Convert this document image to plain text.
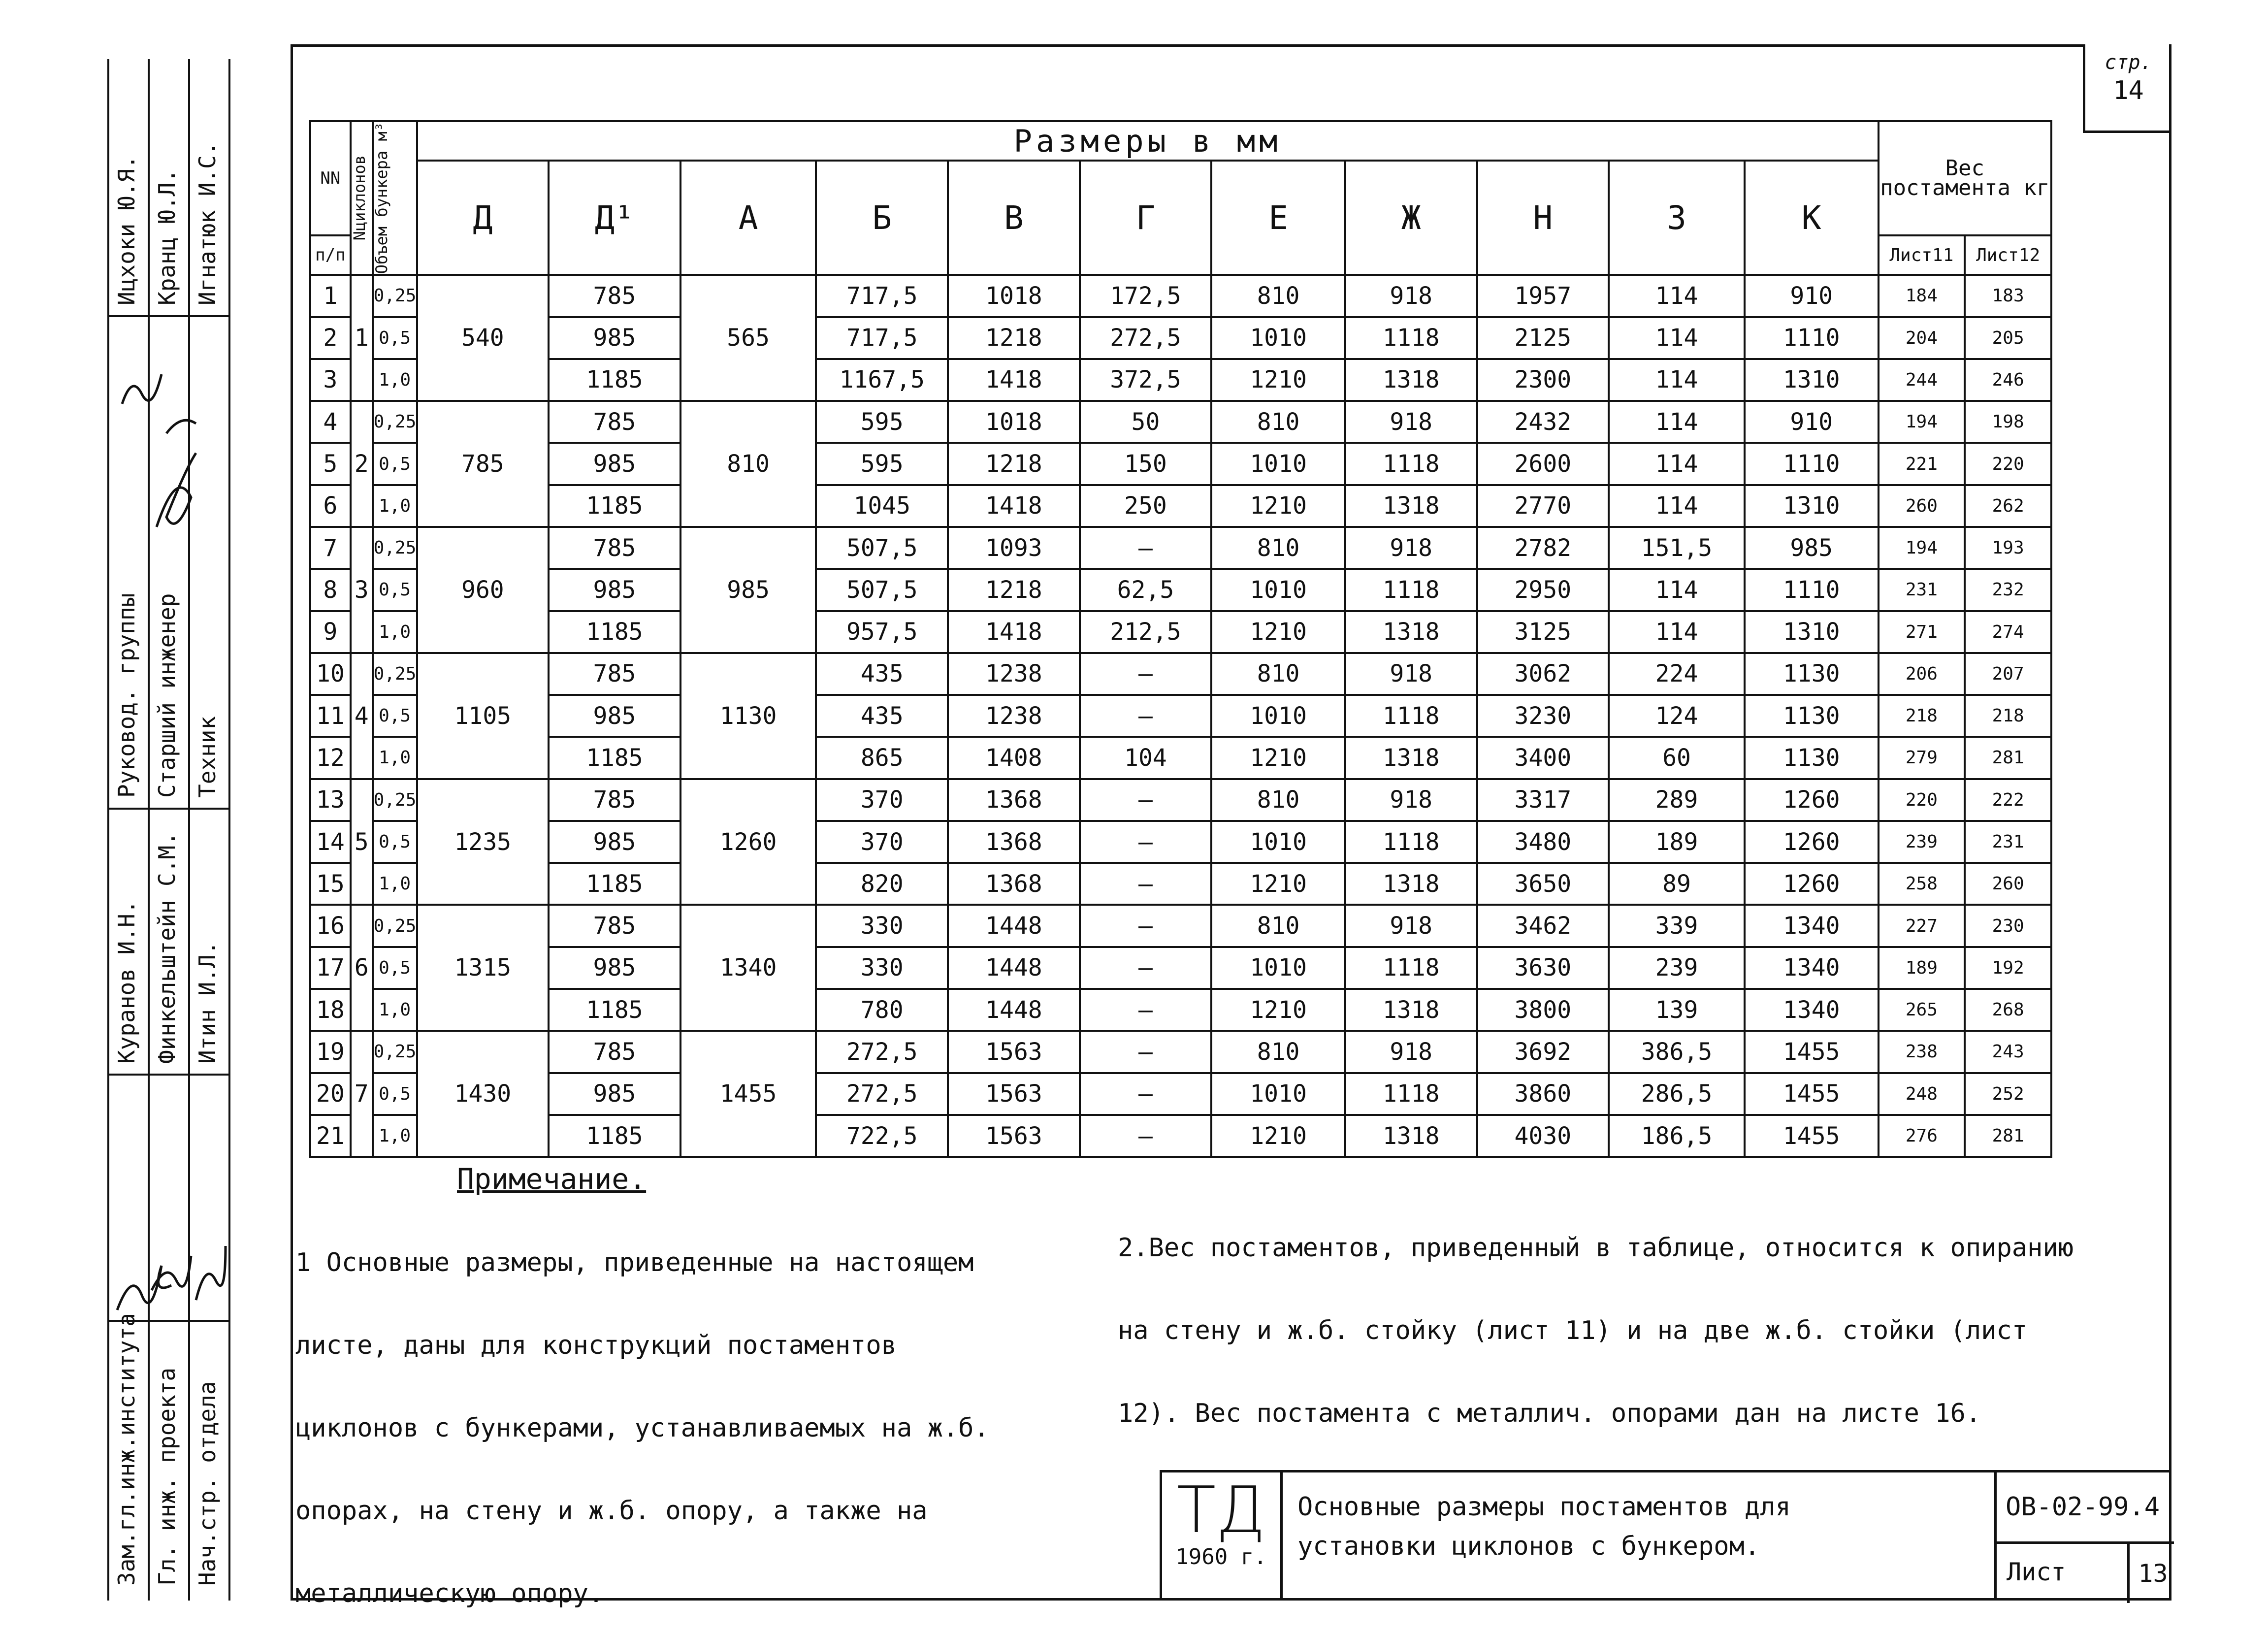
стр.
14
Зам.гл.инж.института Гл. инж. проекта Нач.стр. отдела
Куранов И.Н. Финкельштейн С.М. Итин И.Л.
Руковод. группы Старший инженер Техник
Ицхоки Ю.Я. Кранц Ю.Л. Игнатюк И.С.	NN	Nциклонов	Объем бункера м³	Размеры в мм											Вес постамента кг	
			Д	Д¹	А	Б	В	Г	Е	Ж	Н	З	К		
п/п														Лист11	Лист12
1	1	0,25	540	785	565	717,5	1018	172,5	810	918	1957	114	910	184	183
2		0,5		985		717,5	1218	272,5	1010	1118	2125	114	1110	204	205
3		1,0		1185		1167,5	1418	372,5	1210	1318	2300	114	1310	244	246
4	2	0,25	785	785	810	595	1018	50	810	918	2432	114	910	194	198
5		0,5		985		595	1218	150	1010	1118	2600	114	1110	221	220
6		1,0		1185		1045	1418	250	1210	1318	2770	114	1310	260	262
7	3	0,25	960	785	985	507,5	1093	—	810	918	2782	151,5	985	194	193
8		0,5		985		507,5	1218	62,5	1010	1118	2950	114	1110	231	232
9		1,0		1185		957,5	1418	212,5	1210	1318	3125	114	1310	271	274
10	4	0,25	1105	785	1130	435	1238	—	810	918	3062	224	1130	206	207
11		0,5		985		435	1238	—	1010	1118	3230	124	1130	218	218
12		1,0		1185		865	1408	104	1210	1318	3400	60	1130	279	281
13	5	0,25	1235	785	1260	370	1368	—	810	918	3317	289	1260	220	222
14		0,5		985		370	1368	—	1010	1118	3480	189	1260	239	231
15		1,0		1185		820	1368	—	1210	1318	3650	89	1260	258	260
16	6	0,25	1315	785	1340	330	1448	—	810	918	3462	339	1340	227	230
17		0,5		985		330	1448	—	1010	1118	3630	239	1340	189	192
18		1,0		1185		780	1448	—	1210	1318	3800	139	1340	265	268
19	7	0,25	1430	785	1455	272,5	1563	—	810	918	3692	386,5	1455	238	243
20		0,5		985		272,5	1563	—	1010	1118	3860	286,5	1455	248	252
21		1,0		1185		722,5	1563	—	1210	1318	4030	186,5	1455	276	281
Примечание.
1 Основные размеры, приведенные на настоящем листе, даны для конструкций постаментов циклонов с бункерами, устанавливаемых на ж.б. опорах, на стену и ж.б. опору, а также на металлическую опору.
2.Вес постаментов, приведенный в таблице, относится к опиранию на стену и ж.б. стойку (лист 11) и на две ж.б. стойки (лист 12). Вес постамента с металлич. опорами дан на листе 16.
ТД
1960 г.
Основные размеры постаментов для установки циклонов с бункером.
ОВ-02-99.4
Лист	13
